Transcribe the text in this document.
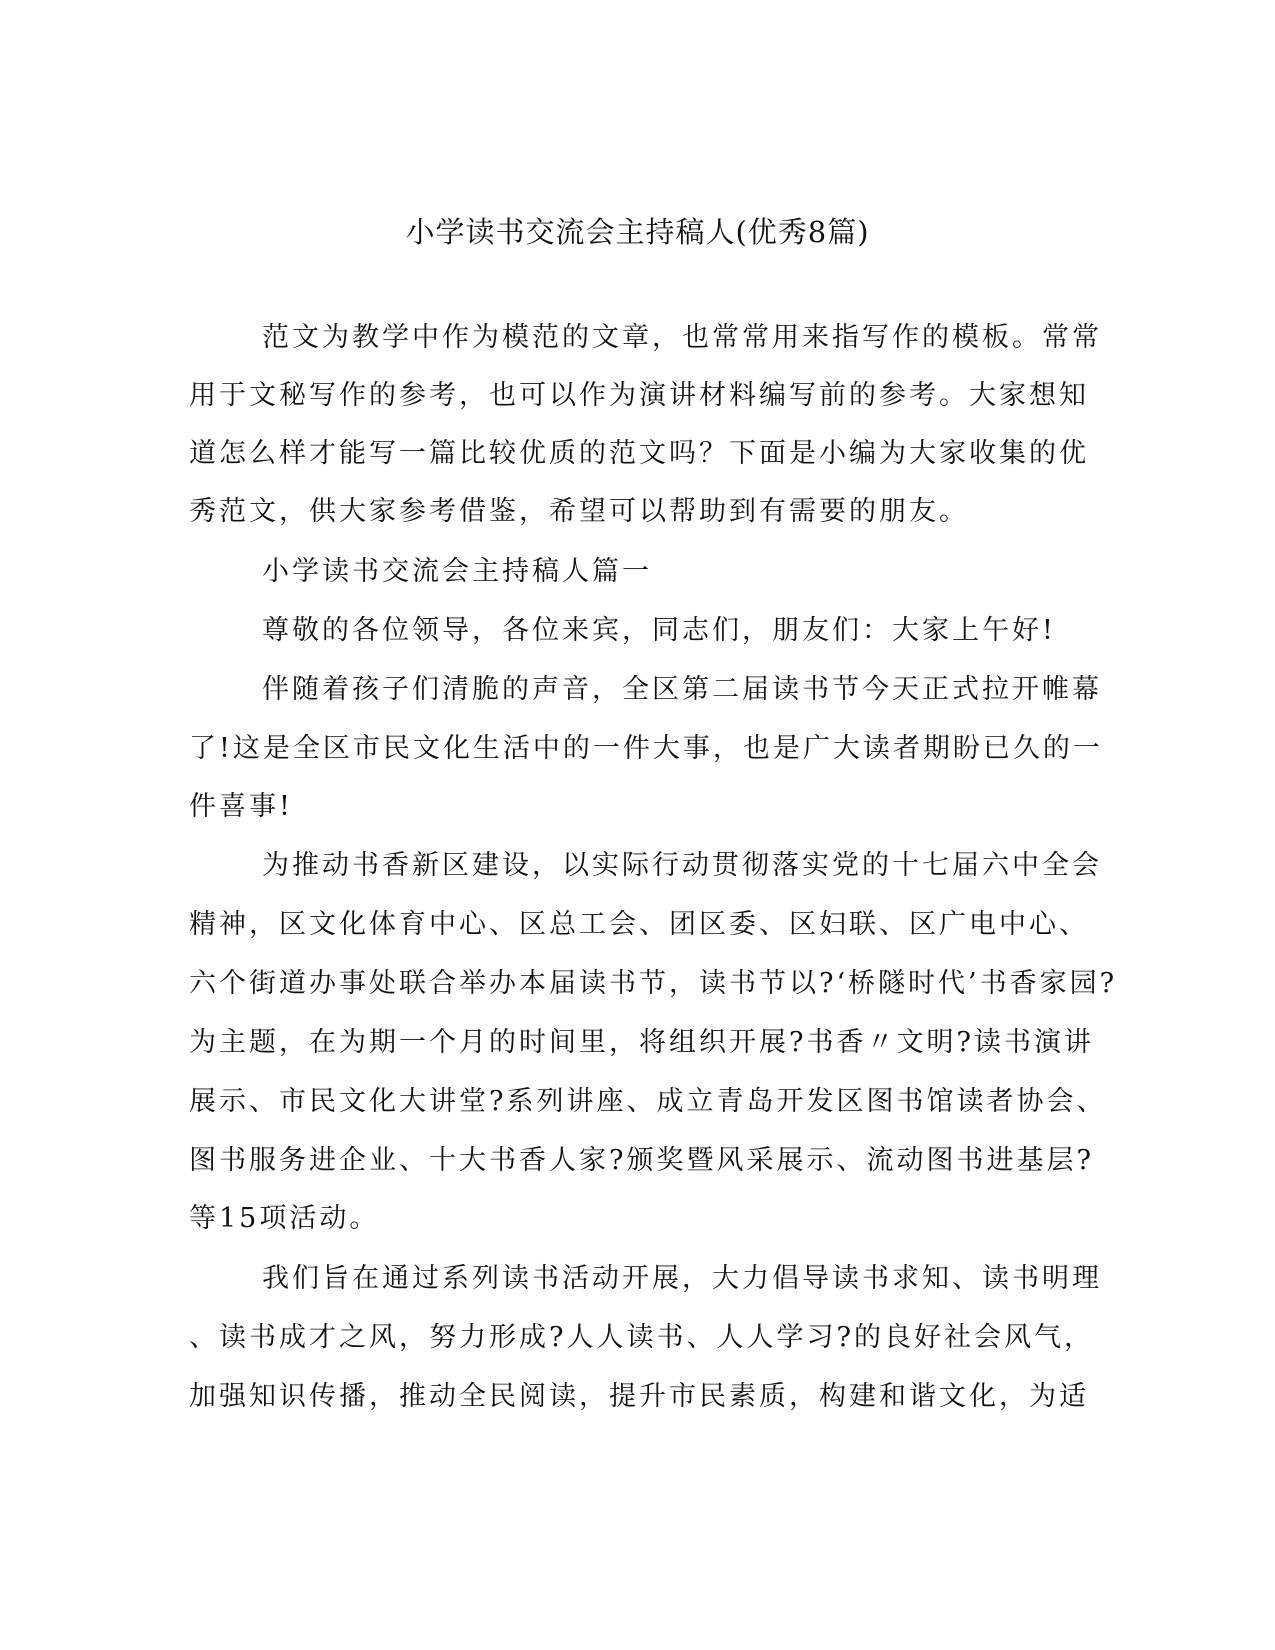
小学读书交流会主持稿人(优秀8篇)
范文为教学中作为模范的文章，也常常用来指写作的模板。常常
用于文秘写作的参考，也可以作为演讲材料编写前的参考。大家想知
道怎么样才能写一篇比较优质的范文吗？下面是小编为大家收集的优
秀范文，供大家参考借鉴，希望可以帮助到有需要的朋友。
小学读书交流会主持稿人篇一
尊敬的各位领导，各位来宾，同志们，朋友们：大家上午好!
伴随着孩子们清脆的声音，全区第二届读书节今天正式拉开帷幕
了!这是全区市民文化生活中的一件大事，也是广大读者期盼已久的一
件喜事!
为推动书香新区建设，以实际行动贯彻落实党的十七届六中全会
精神，区文化体育中心、区总工会、团区委、区妇联、区广电中心、
六个街道办事处联合举办本届读书节，读书节以?‘桥隧时代’书香家园?
为主题，在为期一个月的时间里，将组织开展?书香〃文明?读书演讲
展示、市民文化大讲堂?系列讲座、成立青岛开发区图书馆读者协会、
图书服务进企业、十大书香人家?颁奖暨风采展示、流动图书进基层?
等15项活动。
我们旨在通过系列读书活动开展，大力倡导读书求知、读书明理
、读书成才之风，努力形成?人人读书、人人学习?的良好社会风气，
加强知识传播，推动全民阅读，提升市民素质，构建和谐文化，为适
